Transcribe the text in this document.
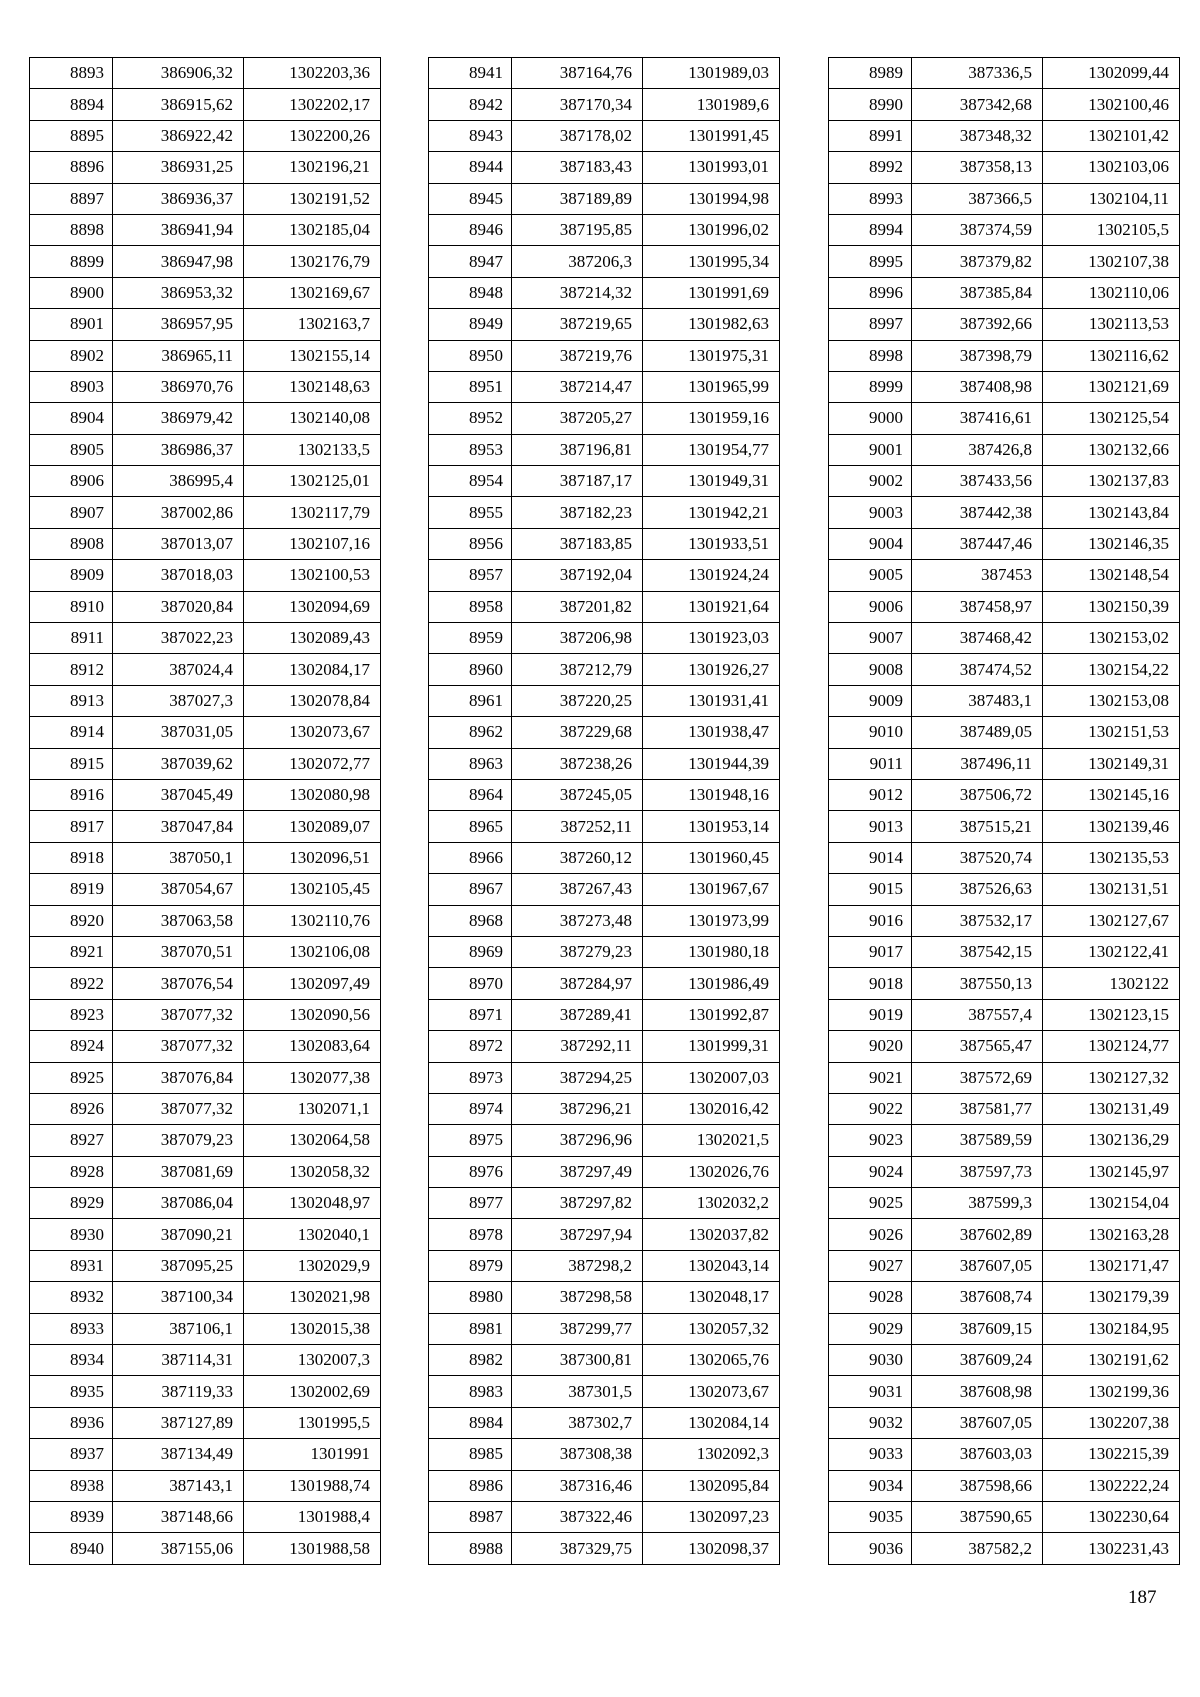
8893	386906,32	1302203,36
8894	386915,62	1302202,17
8895	386922,42	1302200,26
8896	386931,25	1302196,21
8897	386936,37	1302191,52
8898	386941,94	1302185,04
8899	386947,98	1302176,79
8900	386953,32	1302169,67
8901	386957,95	1302163,7
8902	386965,11	1302155,14
8903	386970,76	1302148,63
8904	386979,42	1302140,08
8905	386986,37	1302133,5
8906	386995,4	1302125,01
8907	387002,86	1302117,79
8908	387013,07	1302107,16
8909	387018,03	1302100,53
8910	387020,84	1302094,69
8911	387022,23	1302089,43
8912	387024,4	1302084,17
8913	387027,3	1302078,84
8914	387031,05	1302073,67
8915	387039,62	1302072,77
8916	387045,49	1302080,98
8917	387047,84	1302089,07
8918	387050,1	1302096,51
8919	387054,67	1302105,45
8920	387063,58	1302110,76
8921	387070,51	1302106,08
8922	387076,54	1302097,49
8923	387077,32	1302090,56
8924	387077,32	1302083,64
8925	387076,84	1302077,38
8926	387077,32	1302071,1
8927	387079,23	1302064,58
8928	387081,69	1302058,32
8929	387086,04	1302048,97
8930	387090,21	1302040,1
8931	387095,25	1302029,9
8932	387100,34	1302021,98
8933	387106,1	1302015,38
8934	387114,31	1302007,3
8935	387119,33	1302002,69
8936	387127,89	1301995,5
8937	387134,49	1301991
8938	387143,1	1301988,74
8939	387148,66	1301988,4
8940	387155,06	1301988,58
8941	387164,76	1301989,03
8942	387170,34	1301989,6
8943	387178,02	1301991,45
8944	387183,43	1301993,01
8945	387189,89	1301994,98
8946	387195,85	1301996,02
8947	387206,3	1301995,34
8948	387214,32	1301991,69
8949	387219,65	1301982,63
8950	387219,76	1301975,31
8951	387214,47	1301965,99
8952	387205,27	1301959,16
8953	387196,81	1301954,77
8954	387187,17	1301949,31
8955	387182,23	1301942,21
8956	387183,85	1301933,51
8957	387192,04	1301924,24
8958	387201,82	1301921,64
8959	387206,98	1301923,03
8960	387212,79	1301926,27
8961	387220,25	1301931,41
8962	387229,68	1301938,47
8963	387238,26	1301944,39
8964	387245,05	1301948,16
8965	387252,11	1301953,14
8966	387260,12	1301960,45
8967	387267,43	1301967,67
8968	387273,48	1301973,99
8969	387279,23	1301980,18
8970	387284,97	1301986,49
8971	387289,41	1301992,87
8972	387292,11	1301999,31
8973	387294,25	1302007,03
8974	387296,21	1302016,42
8975	387296,96	1302021,5
8976	387297,49	1302026,76
8977	387297,82	1302032,2
8978	387297,94	1302037,82
8979	387298,2	1302043,14
8980	387298,58	1302048,17
8981	387299,77	1302057,32
8982	387300,81	1302065,76
8983	387301,5	1302073,67
8984	387302,7	1302084,14
8985	387308,38	1302092,3
8986	387316,46	1302095,84
8987	387322,46	1302097,23
8988	387329,75	1302098,37
8989	387336,5	1302099,44
8990	387342,68	1302100,46
8991	387348,32	1302101,42
8992	387358,13	1302103,06
8993	387366,5	1302104,11
8994	387374,59	1302105,5
8995	387379,82	1302107,38
8996	387385,84	1302110,06
8997	387392,66	1302113,53
8998	387398,79	1302116,62
8999	387408,98	1302121,69
9000	387416,61	1302125,54
9001	387426,8	1302132,66
9002	387433,56	1302137,83
9003	387442,38	1302143,84
9004	387447,46	1302146,35
9005	387453	1302148,54
9006	387458,97	1302150,39
9007	387468,42	1302153,02
9008	387474,52	1302154,22
9009	387483,1	1302153,08
9010	387489,05	1302151,53
9011	387496,11	1302149,31
9012	387506,72	1302145,16
9013	387515,21	1302139,46
9014	387520,74	1302135,53
9015	387526,63	1302131,51
9016	387532,17	1302127,67
9017	387542,15	1302122,41
9018	387550,13	1302122
9019	387557,4	1302123,15
9020	387565,47	1302124,77
9021	387572,69	1302127,32
9022	387581,77	1302131,49
9023	387589,59	1302136,29
9024	387597,73	1302145,97
9025	387599,3	1302154,04
9026	387602,89	1302163,28
9027	387607,05	1302171,47
9028	387608,74	1302179,39
9029	387609,15	1302184,95
9030	387609,24	1302191,62
9031	387608,98	1302199,36
9032	387607,05	1302207,38
9033	387603,03	1302215,39
9034	387598,66	1302222,24
9035	387590,65	1302230,64
9036	387582,2	1302231,43
187
